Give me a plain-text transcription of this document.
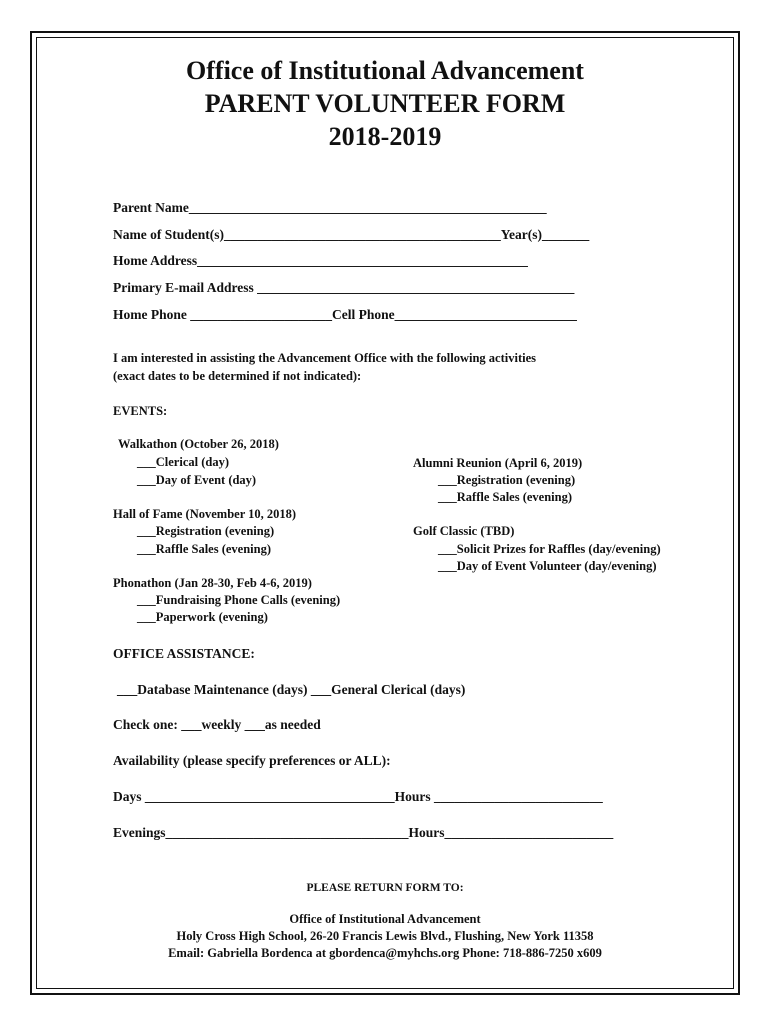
Office of Institutional Advancement
PARENT VOLUNTEER FORM
2018-2019
Parent Name_____________________________________________________
Name of Student(s)_________________________________________Year(s)_______
Home Address_________________________________________________
Primary E-mail Address _______________________________________________
Home Phone _____________________Cell Phone___________________________
I am interested in assisting the Advancement Office with the following activities
(exact dates to be determined if not indicated):
EVENTS:
Walkathon (October 26, 2018)
___Clerical (day)
___Day of Event (day)
Alumni Reunion (April 6, 2019)
___Registration (evening)
___Raffle Sales (evening)
Hall of Fame (November 10, 2018)
___Registration (evening)
___Raffle Sales (evening)
Golf Classic (TBD)
___Solicit Prizes for Raffles (day/evening)
___Day of Event Volunteer (day/evening)
Phonathon (Jan 28-30, Feb 4-6, 2019)
___Fundraising Phone Calls (evening)
___Paperwork (evening)
OFFICE ASSISTANCE:
___Database Maintenance (days) ___General Clerical (days)
Check one: ___weekly ___as needed
Availability (please specify preferences or ALL):
Days _____________________________________Hours _________________________
Evenings____________________________________Hours_________________________
PLEASE RETURN FORM TO:
Office of Institutional Advancement
Holy Cross High School, 26-20 Francis Lewis Blvd., Flushing, New York 11358
Email: Gabriella Bordenca at gbordenca@myhchs.org Phone: 718-886-7250 x609
